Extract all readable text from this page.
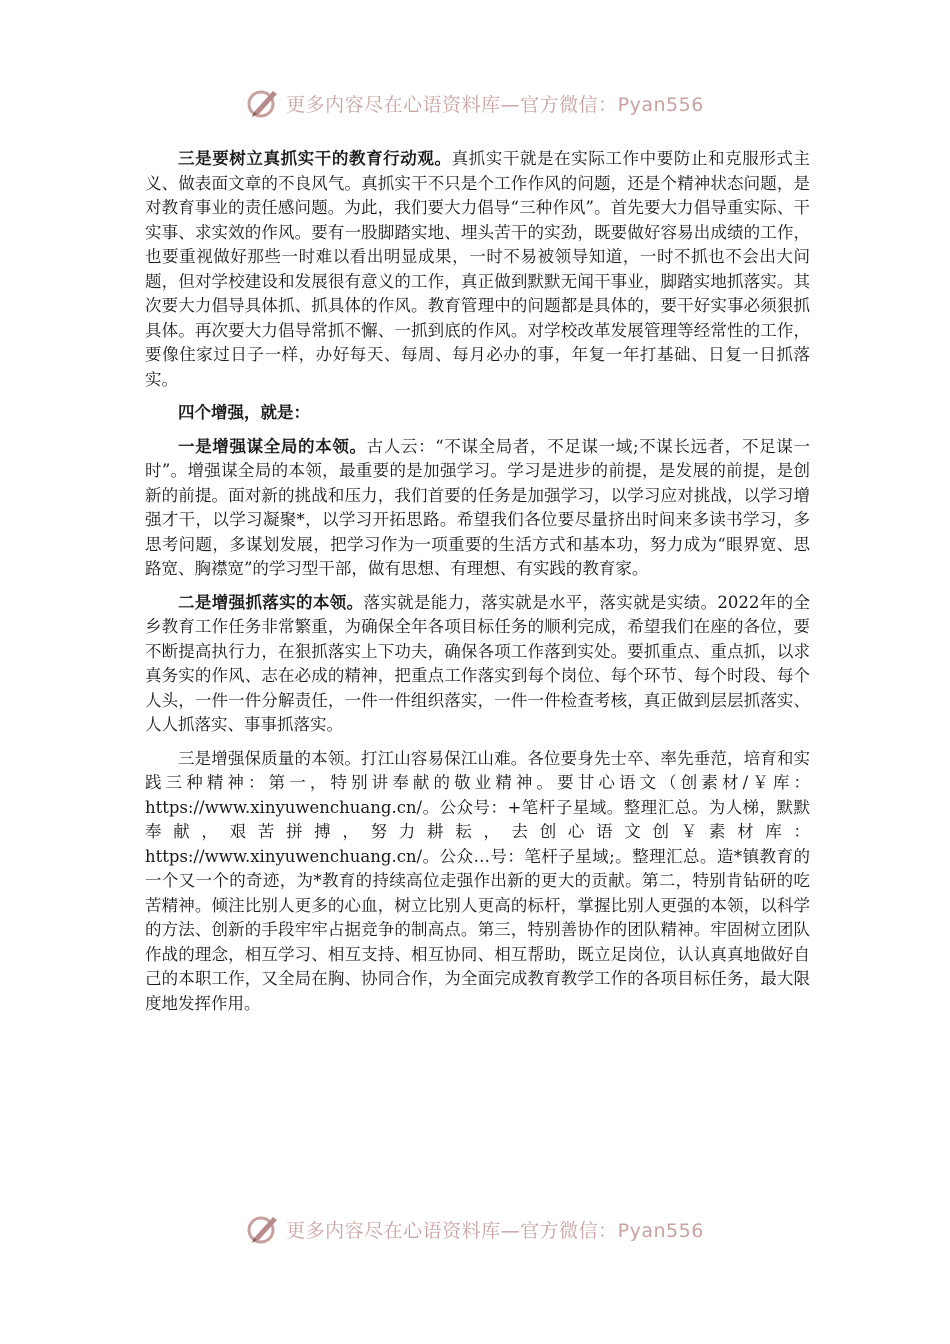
更多内容尽在心语资料库—官方微信：Pyan556

三是要树立真抓实干的教育行动观。真抓实干就是在实际工作中要防止和克服形式主义、做表面文章的不良风气。真抓实干不只是个工作作风的问题，还是个精神状态问题，是对教育事业的责任感问题。为此，我们要大力倡导“三种作风”。首先要大力倡导重实际、干实事、求实效的作风。要有一股脚踏实地、埋头苦干的实劲，既要做好容易出成绩的工作，也要重视做好那些一时难以看出明显成果，一时不易被领导知道，一时不抓也不会出大问题，但对学校建设和发展很有意义的工作，真正做到默默无闻干事业，脚踏实地抓落实。其次要大力倡导具体抓、抓具体的作风。教育管理中的问题都是具体的，要干好实事必须狠抓具体。再次要大力倡导常抓不懈、一抓到底的作风。对学校改革发展管理等经常性的工作，要像住家过日子一样，办好每天、每周、每月必办的事，年复一年打基础、日复一日抓落实。

四个增强，就是：

一是增强谋全局的本领。古人云：“不谋全局者，不足谋一域;不谋长远者，不足谋一时”。增强谋全局的本领，最重要的是加强学习。学习是进步的前提，是发展的前提，是创新的前提。面对新的挑战和压力，我们首要的任务是加强学习，以学习应对挑战，以学习增强才干，以学习凝聚*，以学习开拓思路。希望我们各位要尽量挤出时间来多读书学习，多思考问题，多谋划发展，把学习作为一项重要的生活方式和基本功，努力成为“眼界宽、思路宽、胸襟宽”的学习型干部，做有思想、有理想、有实践的教育家。

二是增强抓落实的本领。落实就是能力，落实就是水平，落实就是实绩。2022年的全乡教育工作任务非常繁重，为确保全年各项目标任务的顺利完成，希望我们在座的各位，要不断提高执行力，在狠抓落实上下功夫，确保各项工作落到实处。要抓重点、重点抓，以求真务实的作风、志在必成的精神，把重点工作落实到每个岗位、每个环节、每个时段、每个人头，一件一件分解责任，一件一件组织落实，一件一件检查考核，真正做到层层抓落实、人人抓落实、事事抓落实。

三是增强保质量的本领。打江山容易保江山难。各位要身先士卒、率先垂范，培育和实践三种精神：第一，特别讲奉献的敬业精神。要甘心语文（创素材/￥库：https://www.xinyuwenchuang.cn/。公众号：+笔杆子星域。整理汇总。为人梯，默默奉献，艰苦拼搏，努力耕耘，去创心语文创￥素材库：https://www.xinyuwenchuang.cn/。公众…号：笔杆子星域;。整理汇总。造*镇教育的一个又一个的奇迹，为*教育的持续高位走强作出新的更大的贡献。第二，特别肯钻研的吃苦精神。倾注比别人更多的心血，树立比别人更高的标杆，掌握比别人更强的本领，以科学的方法、创新的手段牢牢占据竞争的制高点。第三，特别善协作的团队精神。牢固树立团队作战的理念，相互学习、相互支持、相互协同、相互帮助，既立足岗位，认认真真地做好自己的本职工作，又全局在胸、协同合作，为全面完成教育教学工作的各项目标任务，最大限度地发挥作用。

更多内容尽在心语资料库—官方微信：Pyan556
